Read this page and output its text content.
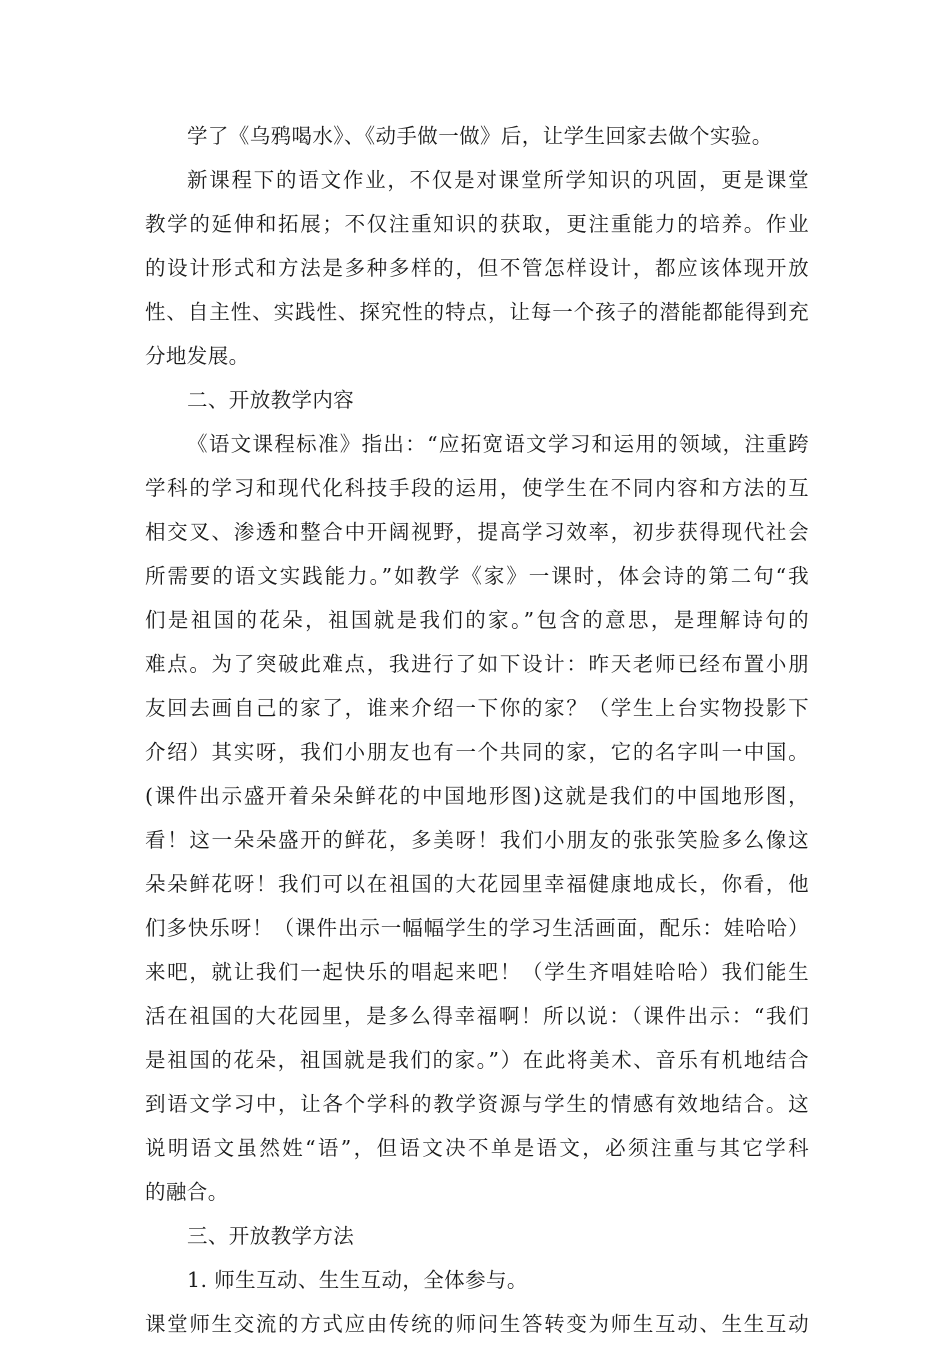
学了《乌鸦喝水》、《动手做一做》后，让学生回家去做个实验。
新课程下的语文作业，不仅是对课堂所学知识的巩固，更是课堂
教学的延伸和拓展；不仅注重知识的获取，更注重能力的培养。作业
的设计形式和方法是多种多样的，但不管怎样设计，都应该体现开放
性、自主性、实践性、探究性的特点，让每一个孩子的潜能都能得到充
分地发展。
二、开放教学内容
《语文课程标准》指出：“应拓宽语文学习和运用的领域，注重跨
学科的学习和现代化科技手段的运用，使学生在不同内容和方法的互
相交叉、渗透和整合中开阔视野，提高学习效率，初步获得现代社会
所需要的语文实践能力。”如教学《家》一课时，体会诗的第二句“我
们是祖国的花朵，祖国就是我们的家。”包含的意思，是理解诗句的
难点。为了突破此难点，我进行了如下设计：昨天老师已经布置小朋
友回去画自己的家了，谁来介绍一下你的家？（学生上台实物投影下
介绍）其实呀，我们小朋友也有一个共同的家，它的名字叫一中国。
(课件出示盛开着朵朵鲜花的中国地形图)这就是我们的中国地形图，
看！这一朵朵盛开的鲜花，多美呀！我们小朋友的张张笑脸多么像这
朵朵鲜花呀！我们可以在祖国的大花园里幸福健康地成长，你看，他
们多快乐呀！（课件出示一幅幅学生的学习生活画面，配乐：娃哈哈）
来吧，就让我们一起快乐的唱起来吧！（学生齐唱娃哈哈）我们能生
活在祖国的大花园里，是多么得幸福啊！所以说：（课件出示：“我们
是祖国的花朵，祖国就是我们的家。”）在此将美术、音乐有机地结合
到语文学习中，让各个学科的教学资源与学生的情感有效地结合。这
说明语文虽然姓“语”，但语文决不单是语文，必须注重与其它学科
的融合。
三、开放教学方法
1. 师生互动、生生互动，全体参与。
课堂师生交流的方式应由传统的师问生答转变为师生互动、生生互动
